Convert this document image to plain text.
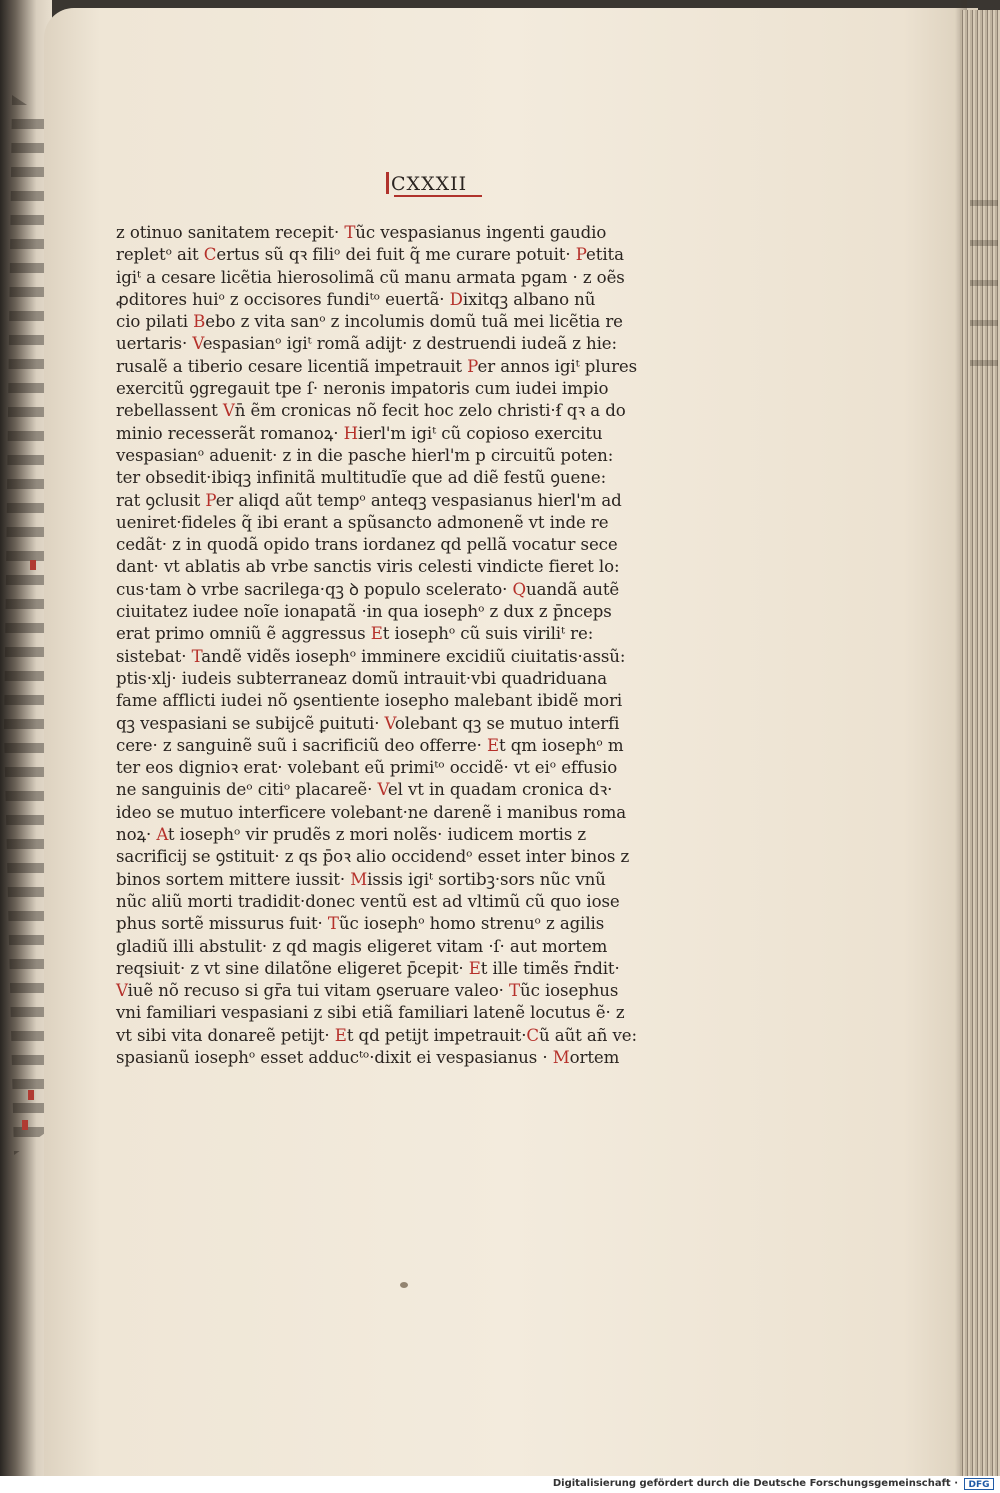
CXXXII
z otinuo sanitatem recepit· Tũc vespasianus ingenti gaudio
repletᵒ ait Certus sũ qꝛ filiᵒ dei fuit q̃ me curare potuit· Petita
igiᵗ a cesare licẽtia hierosolimã cũ manu armata pgam · z oẽs
ꝓditores huiᵒ z occisores fundiᵗᵒ euertã· Dixitqꝫ albano nũ
cio pilati Bebo z vita sanᵒ z incolumis domũ tuã mei licẽtia re
uertaris· Vespasianᵒ igiᵗ romã adijt· z destruendi iudeã z hie:
rusalẽ a tiberio cesare licentiã impetrauit Per annos igiᵗ plures
exercitũ ꝯgregauit tpe ſ· neronis impatoris cum iudei impio
rebellassent Vn̄ ẽm cronicas nõ fecit hoc zelo christi·ẜ qꝛ a do
minio recesserãt romanoꝝ· Hierl'm igiᵗ cũ copioso exercitu
vespasianᵒ aduenit· z in die pasche hierl'm p circuitũ poten:
ter obsedit·ibiqꝫ infinitã multitudĩe que ad diẽ festũ ꝯuene:
rat ꝯclusit Per aliqd aũt tempᵒ anteqꝫ vespasianus hierl'm ad
ueniret·fideles q̃ ibi erant a spũsancto admonenẽ vt inde re
cedãt· z in quodã opido trans iordanez qd pellã vocatur sece
dant· vt ablatis ab vrbe sanctis viris celesti vindicte fieret lo:
cus·tam ꝺ vrbe sacrilega·qꝫ ꝺ populo scelerato· Quandã autẽ
ciuitatez iudee noĩe ionapatã ·in qua iosephᵒ z dux z p̄nceps
erat primo omniũ ẽ aggressus Et iosephᵒ cũ suis viriliᵗ re:
sistebat· Tandẽ vidẽs iosephᵒ imminere excidiũ ciuitatis·assũ:
ptis·xlj· iudeis subterraneaz domũ intrauit·vbi quadriduana
fame afflicti iudei nõ ꝯsentiente iosepho malebant ibidẽ mori
qꝫ vespasiani se subijcẽ ꝑuituti· Volebant qꝫ se mutuo interfi
cere· z sanguinẽ suũ i sacrificiũ deo offerre· Et qm iosephᵒ m
ter eos dignioꝛ erat· volebant eũ primiᵗᵒ occidẽ· vt eiᵒ effusio
ne sanguinis deᵒ citiᵒ placareẽ· Vel vt in quadam cronica dꝛ·
ideo se mutuo interficere volebant·ne darenẽ i manibus roma
noꝝ· At iosephᵒ vir prudẽs z mori nolẽs· iudicem mortis z
sacrificij se ꝯstituit· z qs p̄oꝛ alio occidendᵒ esset inter binos z
binos sortem mittere iussit· Missis igiᵗ sortibꝫ·sors nũc vnũ
nũc aliũ morti tradidit·donec ventũ est ad vltimũ cũ quo iose
phus sortẽ missurus fuit· Tũc iosephᵒ homo strenuᵒ z agilis
gladiũ illi abstulit· z qd magis eligeret vitam ·ſ· aut mortem
reqsiuit· z vt sine dilatõne eligeret p̄cepit· Et ille timẽs r̄ndit·
Viuẽ nõ recuso si gr̄a tui vitam ꝯseruare valeo· Tũc iosephus
vni familiari vespasiani z sibi etiã familiari latenẽ locutus ẽ· z
vt sibi vita donareẽ petijt· Et qd petijt impetrauit·Cũ aũt añ ve:
spasianũ iosephᵒ esset adducᵗᵒ·dixit ei vespasianus · Mortem
Digitalisierung gefördert durch die Deutsche Forschungsgemeinschaft ·	DFG
